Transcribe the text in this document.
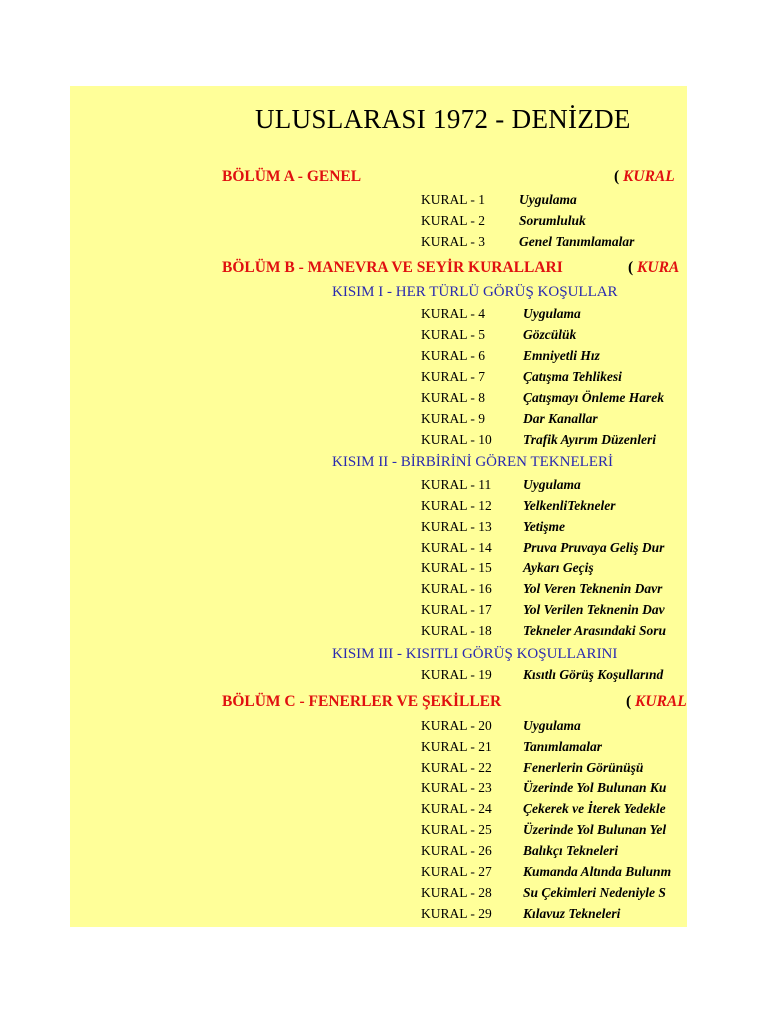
ULUSLARASI 1972 - DENİZDE
BÖLÜM A - GENEL	( KURAL
KURAL - 1	Uygulama
KURAL - 2	Sorumluluk
KURAL - 3	Genel Tanımlamalar
BÖLÜM B - MANEVRA VE SEYİR KURALLARI	( KURA
KISIM I - HER TÜRLÜ GÖRÜŞ KOŞULLAR
KURAL - 4	Uygulama
KURAL - 5	Gözcülük
KURAL - 6	Emniyetli Hız
KURAL - 7	Çatışma Tehlikesi
KURAL - 8	Çatışmayı Önleme Harek
KURAL - 9	Dar Kanallar
KURAL - 10 Trafik Ayırım Düzenleri
KISIM II - BİRBİRİNİ GÖREN TEKNELERİ
KURAL - 11 Uygulama
KURAL - 12 YelkenliTekneler
KURAL - 13 Yetişme
KURAL - 14 Pruva Pruvaya Geliş Dur
KURAL - 15 Aykarı Geçiş
KURAL - 16 Yol Veren Teknenin Davr
KURAL - 17 Yol Verilen Teknenin Dav
KURAL - 18 Tekneler Arasındaki Soru
KISIM III - KISITLI GÖRÜŞ KOŞULLARINI
KURAL - 19 Kısıtlı Görüş Koşullarınd
BÖLÜM C - FENERLER VE ŞEKİLLER	( KURAL
KURAL - 20 Uygulama
KURAL - 21 Tanımlamalar
KURAL - 22 Fenerlerin Görünüşü
KURAL - 23 Üzerinde Yol Bulunan Ku
KURAL - 24 Çekerek ve İterek Yedekle
KURAL - 25 Üzerinde Yol Bulunan Yel
KURAL - 26 Balıkçı Tekneleri
KURAL - 27 Kumanda Altında Bulunm
KURAL - 28 Su Çekimleri Nedeniyle S
KURAL - 29 Kılavuz Tekneleri
